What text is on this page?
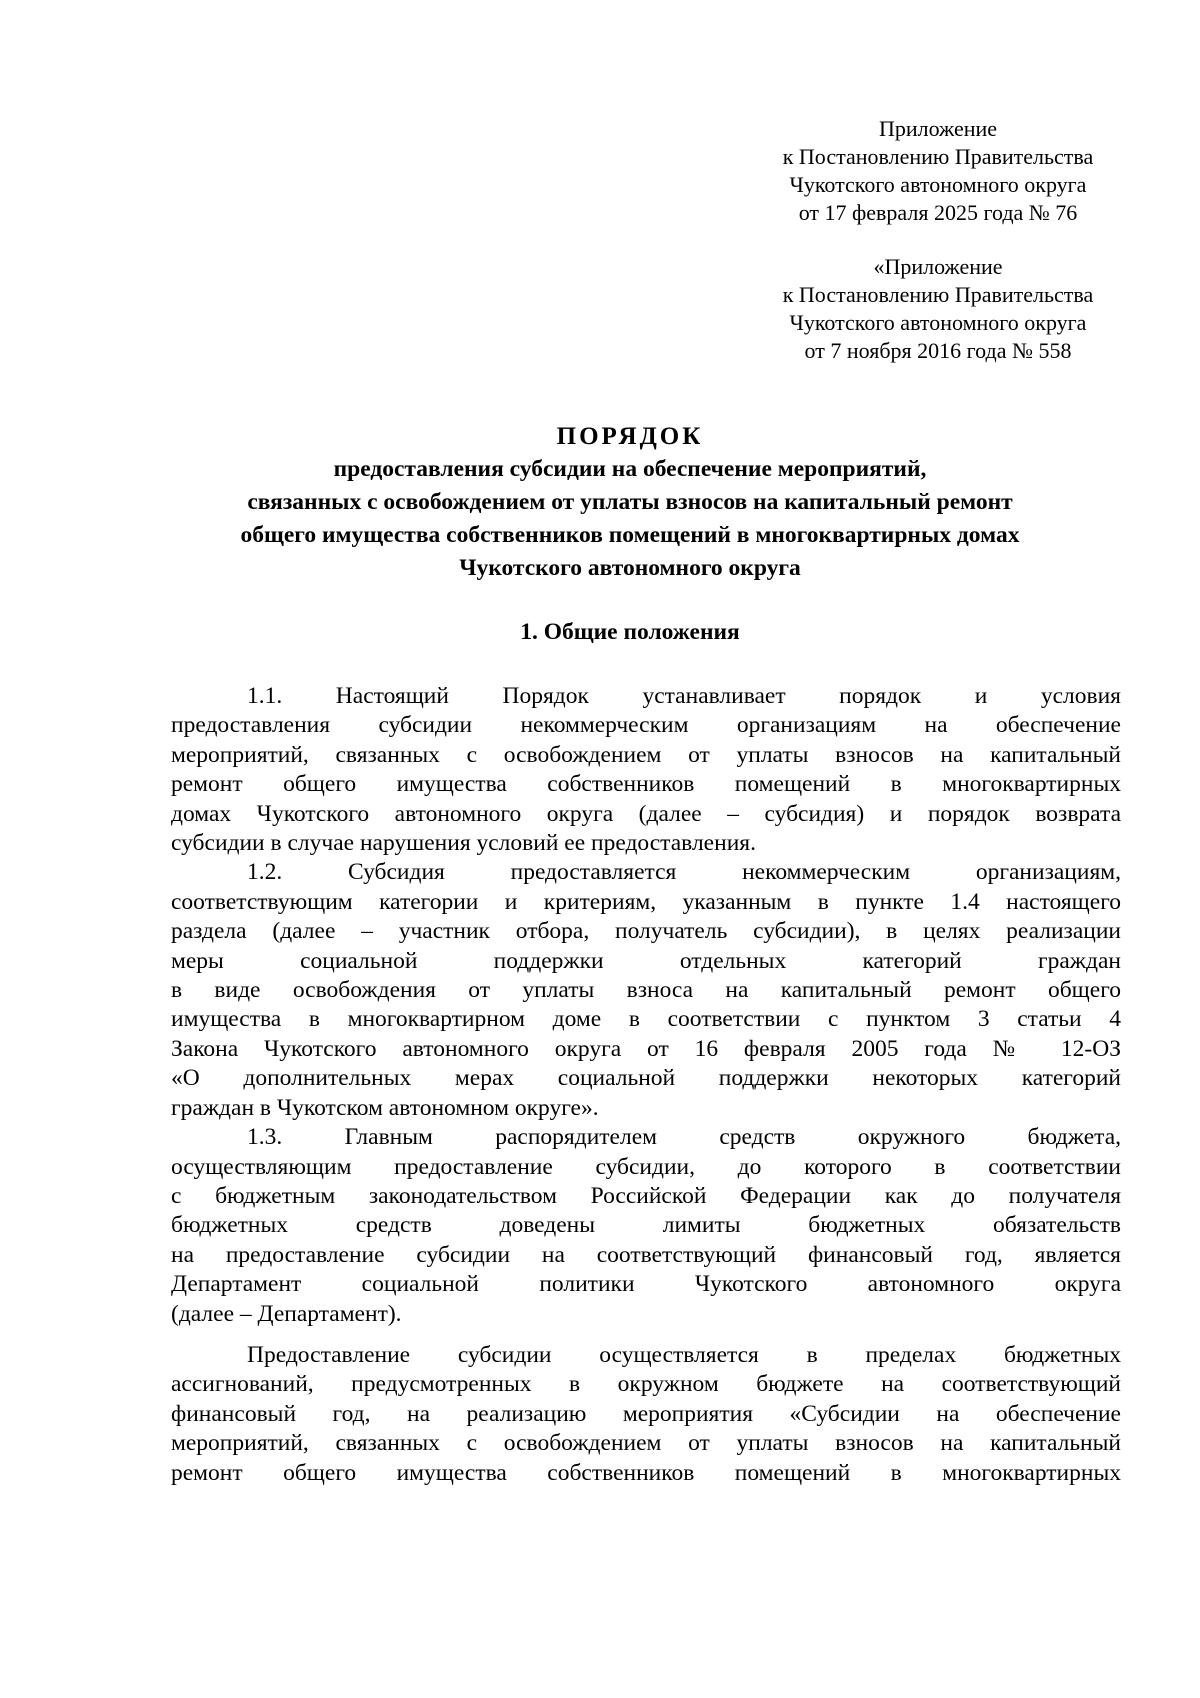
Приложение
к Постановлению Правительства
Чукотского автономного округа
от 17 февраля 2025 года № 76
«Приложение
к Постановлению Правительства
Чукотского автономного округа
от 7 ноября 2016 года № 558
ПОРЯДОК
предоставления субсидии на обеспечение мероприятий,
связанных с освобождением от уплаты взносов на капитальный ремонт
общего имущества собственников помещений в многоквартирных домах
Чукотского автономного округа
1. Общие положения

1.1. Настоящий Порядок устанавливает порядок и условия

предоставления субсидии некоммерческим организациям на обеспечение

мероприятий, связанных с освобождением от уплаты взносов на капитальный

ремонт общего имущества собственников помещений в многоквартирных

домах Чукотского автономного округа (далее – субсидия) и порядок возврата

субсидии в случае нарушения условий ее предоставления.

1.2. Субсидия предоставляется некоммерческим организациям,

соответствующим категории и критериям, указанным в пункте 1.4 настоящего

раздела (далее – участник отбора, получатель субсидии), в целях реализации

меры социальной поддержки отдельных категорий граждан

в виде освобождения от уплаты взноса на капитальный ремонт общего

имущества в многоквартирном доме в соответствии с пунктом 3 статьи 4

Закона Чукотского автономного округа от 16 февраля 2005 года № 12-ОЗ

«О дополнительных мерах социальной поддержки некоторых категорий

граждан в Чукотском автономном округе».

1.3. Главным распорядителем средств окружного бюджета,

осуществляющим предоставление субсидии, до которого в соответствии

с бюджетным законодательством Российской Федерации как до получателя

бюджетных средств доведены лимиты бюджетных обязательств

на предоставление субсидии на соответствующий финансовый год, является

Департамент социальной политики Чукотского автономного округа

(далее – Департамент).

Предоставление субсидии осуществляется в пределах бюджетных

ассигнований, предусмотренных в окружном бюджете на соответствующий

финансовый год, на реализацию мероприятия «Субсидии на обеспечение

мероприятий, связанных с освобождением от уплаты взносов на капитальный

ремонт общего имущества собственников помещений в многоквартирных
